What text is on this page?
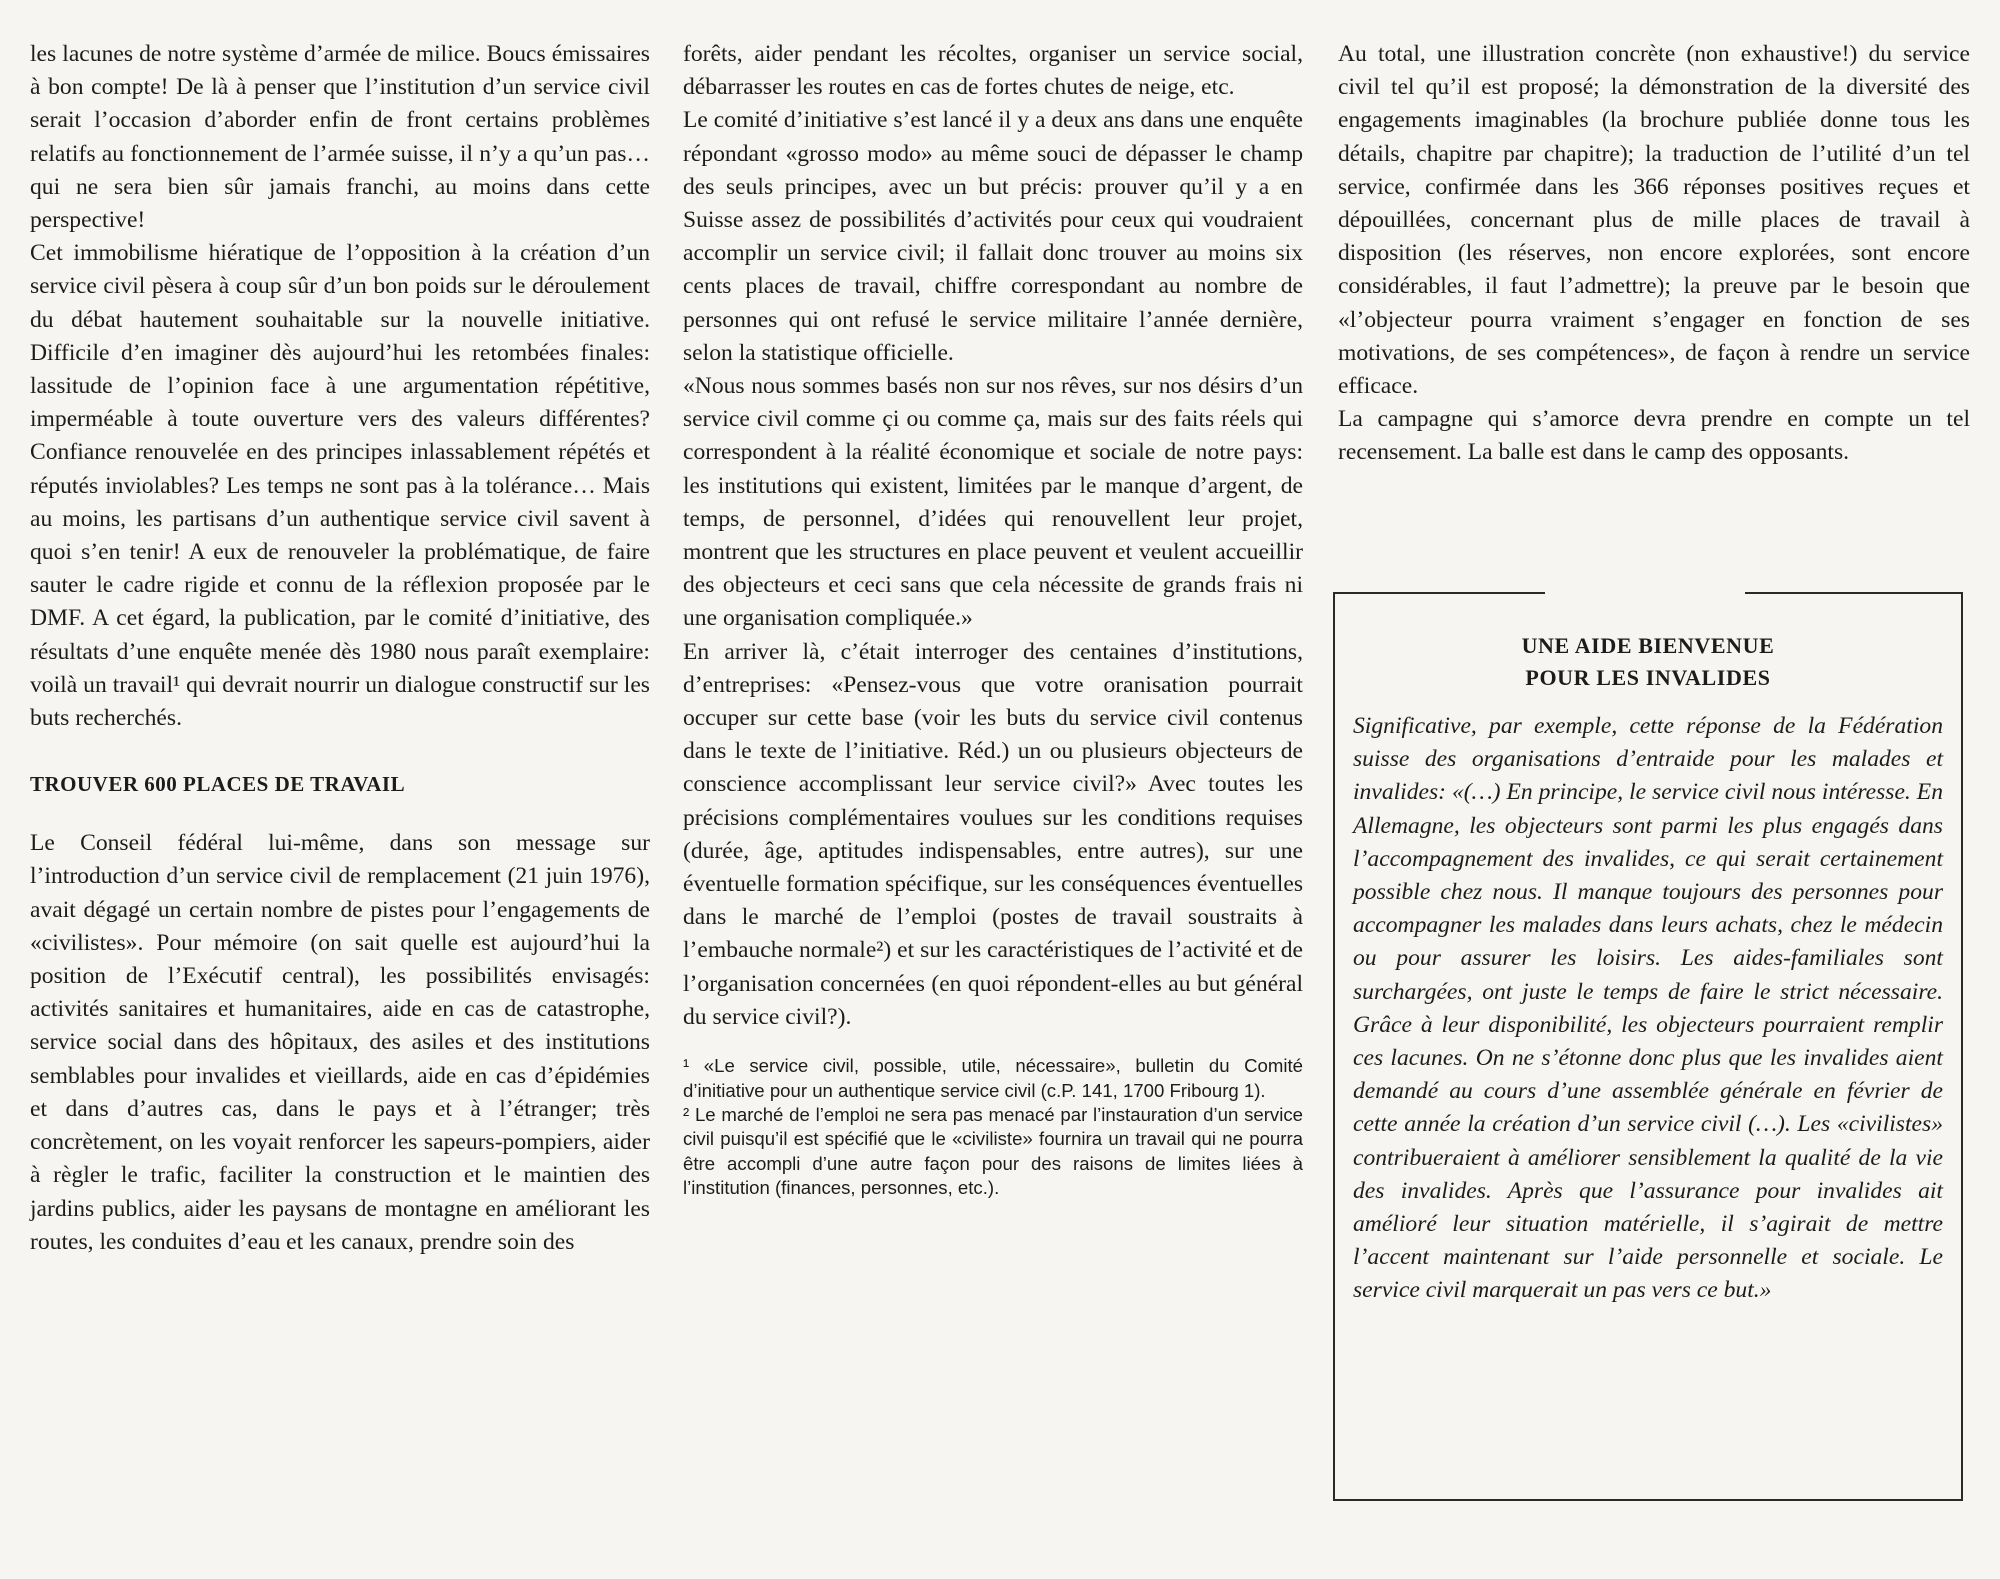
les lacunes de notre système d’armée de milice. Boucs émissaires à bon compte! De là à penser que l’institution d’un service civil serait l’occasion d’aborder enfin de front certains problèmes relatifs au fonctionnement de l’armée suisse, il n’y a qu’un pas… qui ne sera bien sûr jamais franchi, au moins dans cette perspective!

Cet immobilisme hiératique de l’opposition à la création d’un service civil pèsera à coup sûr d’un bon poids sur le déroulement du débat hautement souhaitable sur la nouvelle initiative. Difficile d’en imaginer dès aujourd’hui les retombées finales: lassitude de l’opinion face à une argumentation répétitive, imperméable à toute ouverture vers des valeurs différentes? Confiance renouvelée en des principes inlassablement répétés et réputés inviolables? Les temps ne sont pas à la tolérance… Mais au moins, les partisans d’un authentique service civil savent à quoi s’en tenir! A eux de renouveler la problématique, de faire sauter le cadre rigide et connu de la réflexion proposée par le DMF. A cet égard, la publication, par le comité d’initiative, des résultats d’une enquête menée dès 1980 nous paraît exemplaire: voilà un travail¹ qui devrait nourrir un dialogue constructif sur les buts recherchés.

TROUVER 600 PLACES DE TRAVAIL

Le Conseil fédéral lui-même, dans son message sur l’introduction d’un service civil de remplacement (21 juin 1976), avait dégagé un certain nombre de pistes pour l’engagements de «civilistes». Pour mémoire (on sait quelle est aujourd’hui la position de l’Exécutif central), les possibilités envisagés: activités sanitaires et humanitaires, aide en cas de catastrophe, service social dans des hôpitaux, des asiles et des institutions semblables pour invalides et vieillards, aide en cas d’épidémies et dans d’autres cas, dans le pays et à l’étranger; très concrètement, on les voyait renforcer les sapeurs-pompiers, aider à règler le trafic, faciliter la construction et le maintien des jardins publics, aider les paysans de montagne en améliorant les routes, les conduites d’eau et les canaux, prendre soin des

forêts, aider pendant les récoltes, organiser un service social, débarrasser les routes en cas de fortes chutes de neige, etc.

Le comité d’initiative s’est lancé il y a deux ans dans une enquête répondant «grosso modo» au même souci de dépasser le champ des seuls principes, avec un but précis: prouver qu’il y a en Suisse assez de possibilités d’activités pour ceux qui voudraient accomplir un service civil; il fallait donc trouver au moins six cents places de travail, chiffre correspondant au nombre de personnes qui ont refusé le service militaire l’année dernière, selon la statistique officielle.

«Nous nous sommes basés non sur nos rêves, sur nos désirs d’un service civil comme çi ou comme ça, mais sur des faits réels qui correspondent à la réalité économique et sociale de notre pays: les institutions qui existent, limitées par le manque d’argent, de temps, de personnel, d’idées qui renouvellent leur projet, montrent que les structures en place peuvent et veulent accueillir des objecteurs et ceci sans que cela nécessite de grands frais ni une organisation compliquée.»

En arriver là, c’était interroger des centaines d’institutions, d’entreprises: «Pensez-vous que votre oranisation pourrait occuper sur cette base (voir les buts du service civil contenus dans le texte de l’initiative. Réd.) un ou plusieurs objecteurs de conscience accomplissant leur service civil?» Avec toutes les précisions complémentaires voulues sur les conditions requises (durée, âge, aptitudes indispensables, entre autres), sur une éventuelle formation spécifique, sur les conséquences éventuelles dans le marché de l’emploi (postes de travail soustraits à l’embauche normale²) et sur les caractéristiques de l’activité et de l’organisation concernées (en quoi répondent-elles au but général du service civil?).

¹ «Le service civil, possible, utile, nécessaire», bulletin du Comité d’initiative pour un authentique service civil (c.P. 141, 1700 Fribourg 1).

² Le marché de l’emploi ne sera pas menacé par l’instauration d’un service civil puisqu’il est spécifié que le «civiliste» fournira un travail qui ne pourra être accompli d’une autre façon pour des raisons de limites liées à l’institution (finances, personnes, etc.).

Au total, une illustration concrète (non exhaustive!) du service civil tel qu’il est proposé; la démonstration de la diversité des engagements imaginables (la brochure publiée donne tous les détails, chapitre par chapitre); la traduction de l’utilité d’un tel service, confirmée dans les 366 réponses positives reçues et dépouillées, concernant plus de mille places de travail à disposition (les réserves, non encore explorées, sont encore considérables, il faut l’admettre); la preuve par le besoin que «l’objecteur pourra vraiment s’engager en fonction de ses motivations, de ses compétences», de façon à rendre un service efficace.

La campagne qui s’amorce devra prendre en compte un tel recensement. La balle est dans le camp des opposants.

UNE AIDE BIENVENUE
POUR LES INVALIDES

Significative, par exemple, cette réponse de la Fédération suisse des organisations d’entraide pour les malades et invalides: «(…) En principe, le service civil nous intéresse. En Allemagne, les objecteurs sont parmi les plus engagés dans l’accompagnement des invalides, ce qui serait certainement possible chez nous. Il manque toujours des personnes pour accompagner les malades dans leurs achats, chez le médecin ou pour assurer les loisirs. Les aides-familiales sont surchargées, ont juste le temps de faire le strict nécessaire. Grâce à leur disponibilité, les objecteurs pourraient remplir ces lacunes. On ne s’étonne donc plus que les invalides aient demandé au cours d’une assemblée générale en février de cette année la création d’un service civil (…). Les «civilistes» contribueraient à améliorer sensiblement la qualité de la vie des invalides. Après que l’assurance pour invalides ait amélioré leur situation matérielle, il s’agirait de mettre l’accent maintenant sur l’aide personnelle et sociale. Le service civil marquerait un pas vers ce but.»
